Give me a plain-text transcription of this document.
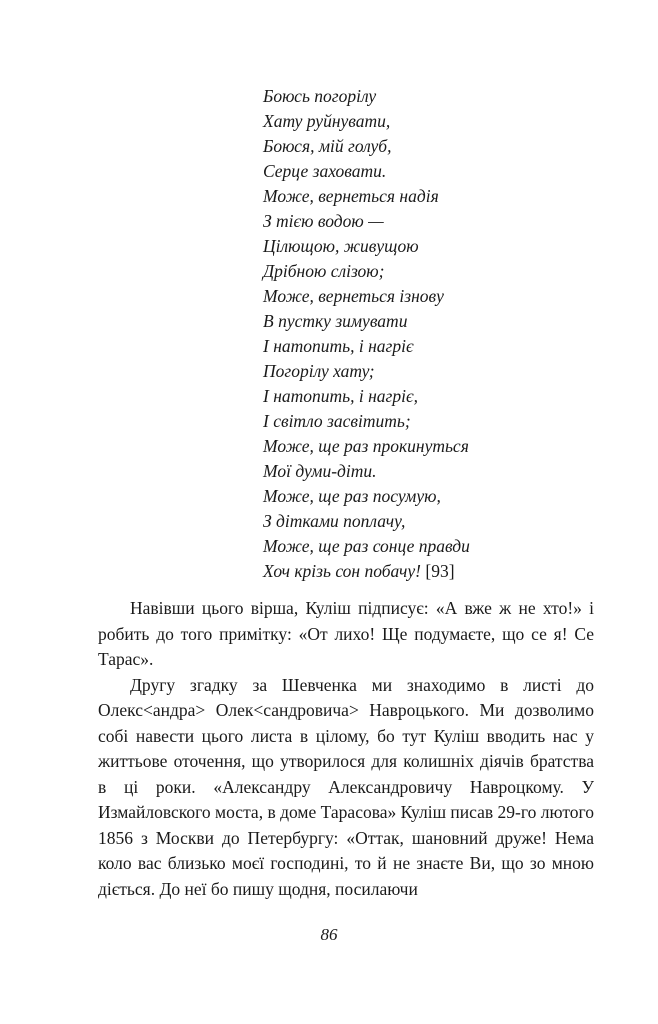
Боюсь погорілу
Хату руйнувати,
Боюся, мій голуб,
Серце заховати.
Може, вернеться надія
З тією водою —
Цілющою, живущою
Дрібною слізою;
Може, вернеться ізнову
В пустку зимувати
І натопить, і нагріє
Погорілу хату;
І натопить, і нагріє,
І світло засвітить;
Може, ще раз прокинуться
Мої думи-діти.
Може, ще раз посумую,
З дітками поплачу,
Може, ще раз сонце правди
Хоч крізь сон побачу! [93]

Навівши цього вірша, Куліш підписує: «А вже ж не хто!» і робить до того примітку: «От лихо! Ще подумаєте, що се я! Се Тарас».

Другу згадку за Шевченка ми знаходимо в листі до Олекс<андра> Олек<сандровича> Навроцького. Ми дозволимо собі навести цього листа в цілому, бо тут Куліш вводить нас у життьове оточення, що утворилося для колишніх діячів братства в ці роки. «Александру Александровичу Навроцкому. У Измайловского моста, в доме Тарасова» Куліш писав 29-го лютого 1856 з Москви до Петербургу: «Оттак, шановний друже! Нема коло вас близько моєї господині, то й не знаєте Ви, що зо мною діється. До неї бо пишу щодня, посилаючи

86
